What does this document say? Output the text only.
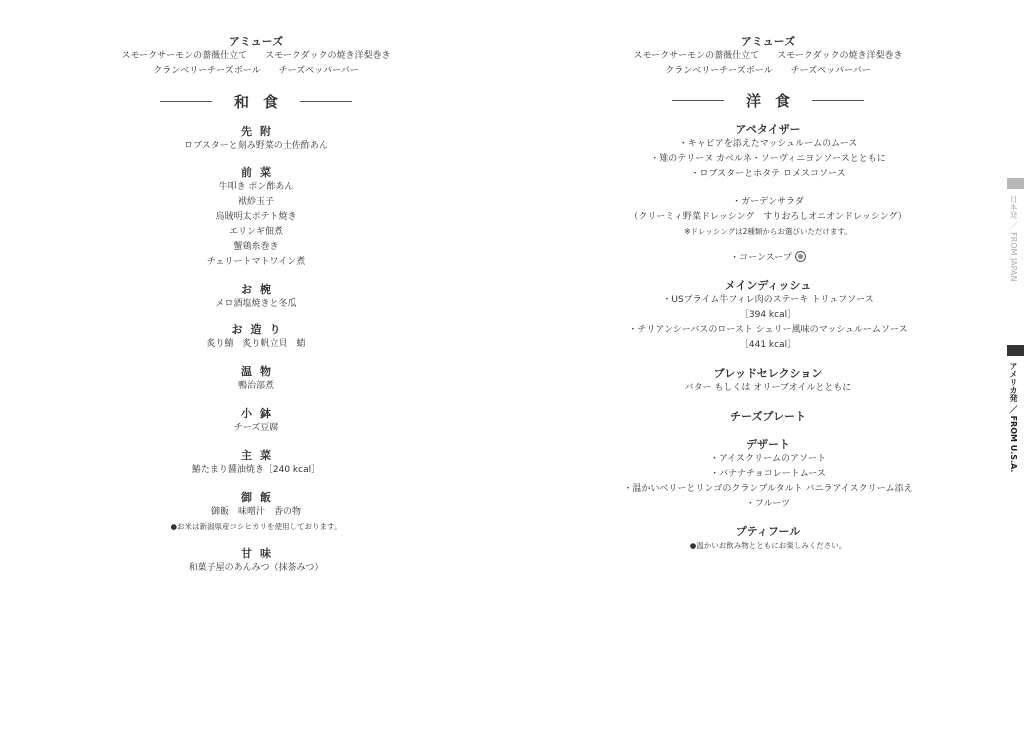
アミューズ
スモークサーモンの薔薇仕立て スモークダックの焼き洋梨巻き
クランベリーチーズボール チーズペッパーバー
和食
先附
ロブスターと刻み野菜の土佐酢あん
前菜
牛叩き ポン酢あん
袱紗玉子
烏賊明太ポテト焼き
エリンギ佃煮
蟹鶏糸巻き
チェリートマトワイン煮
お椀
メロ酒塩焼きと冬瓜
お造り
炙り鯖　炙り帆立貝　蛸
温物
鴨治部煮
小鉢
チーズ豆腐
主菜
鰆たまり醤油焼き［240 kcal］
御飯
御飯　味噌汁　香の物
●お米は新潟県産コシヒカリを使用しております。
甘味
和菓子屋のあんみつ（抹茶みつ）
アミューズ
スモークサーモンの薔薇仕立て スモークダックの焼き洋梨巻き
クランベリーチーズボール チーズペッパーバー
洋食
アペタイザー
・キャビアを添えたマッシュルームのムース
・雉のテリーヌ カベルネ・ソーヴィニヨンソースとともに
・ロブスターとホタテ ロメスコソース
・ガーデンサラダ
（クリーミィ野菜ドレッシング　すりおろしオニオンドレッシング）
※ドレッシングは2種類からお選びいただけます。
・コーンスープ
メインディッシュ
・USプライム牛フィレ肉のステーキ トリュフソース
［394 kcal］
・チリアンシーバスのロースト シェリー風味のマッシュルームソース
［441 kcal］
ブレッドセレクション
バター もしくは オリーブオイルとともに
チーズプレート
デザート
・アイスクリームのアソート
・バナナチョコレートムース
・温かいベリーとリンゴのクランブルタルト バニラアイスクリーム添え
・フルーツ
プティフール
●温かいお飲み物とともにお楽しみください。
日本発 ／ FROM JAPAN
アメリカ発 ／ FROM U.S.A.
